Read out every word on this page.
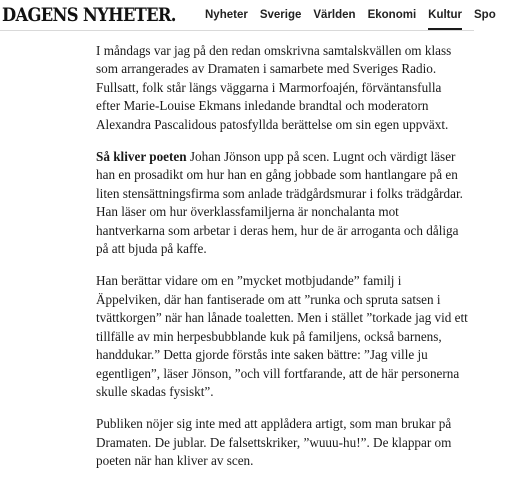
DAGENS NYHETER.	Nyheter Sverige Världen Ekonomi Kultur Spo

I måndags var jag på den redan omskrivna samtalskvällen om klass som arrangerades av Dramaten i samarbete med Sveriges Radio. Fullsatt, folk står längs väggarna i Marmorfoajén, förväntansfulla efter Marie-Louise Ekmans inledande brandtal och moderatorn Alexandra Pascalidous patosfyllda berättelse om sin egen uppväxt.

Så kliver poeten Johan Jönson upp på scen. Lugnt och värdigt läser han en prosadikt om hur han en gång jobbade som hantlangare på en liten stensättningsfirma som anlade trädgårdsmurar i folks trädgårdar. Han läser om hur överklassfamiljerna är nonchalanta mot hantverkarna som arbetar i deras hem, hur de är arroganta och dåliga på att bjuda på kaffe.

Han berättar vidare om en ”mycket motbjudande” familj i Äppelviken, där han fantiserade om att ”runka och spruta satsen i tvättkorgen” när han lånade toaletten. Men i stället ”torkade jag vid ett tillfälle av min herpesbubblande kuk på familjens, också barnens, handdukar.” Detta gjorde förstås inte saken bättre: ”Jag ville ju egentligen”, läser Jönson, ”och vill fortfarande, att de här personerna skulle skadas fysiskt”.

Publiken nöjer sig inte med att applådera artigt, som man brukar på Dramaten. De jublar. De falsettskriker, ”wuuu-hu!”. De klappar om poeten när han kliver av scen.
